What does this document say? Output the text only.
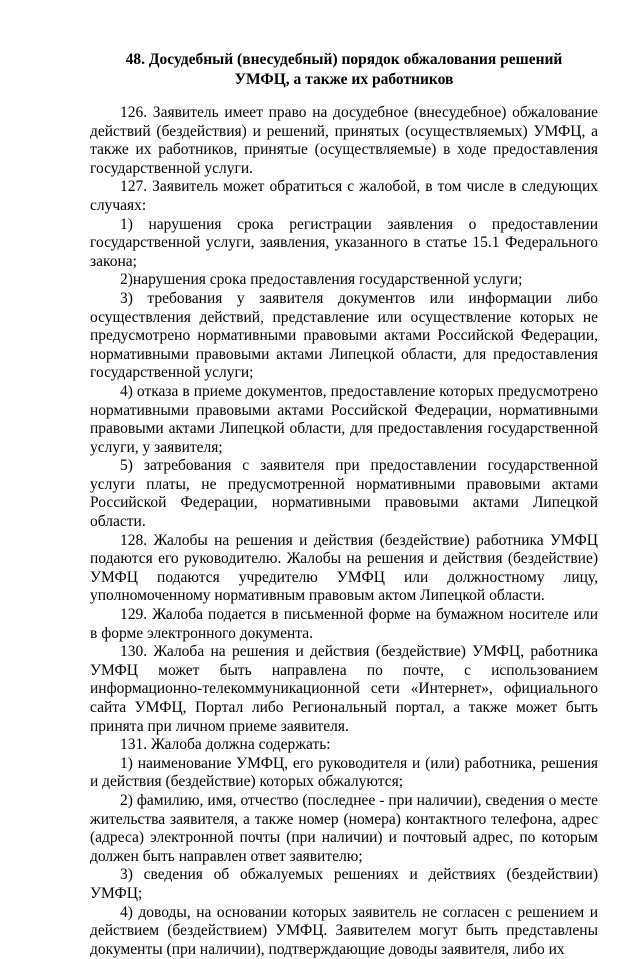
48. Досудебный (внесудебный) порядок обжалования решений
УМФЦ, а также их работников

126. Заявитель имеет право на досудебное (внесудебное) обжалование действий (бездействия) и решений, принятых (осуществляемых) УМФЦ, а также их работников, принятые (осуществляемые) в ходе предоставления государственной услуги.

127. Заявитель может обратиться с жалобой, в том числе в следующих случаях:

1) нарушения срока регистрации заявления о предоставлении государственной услуги, заявления, указанного в статье 15.1 Федерального закона;

2)нарушения срока предоставления государственной услуги;

3) требования у заявителя документов или информации либо осуществления действий, представление или осуществление которых не предусмотрено нормативными правовыми актами Российской Федерации, нормативными правовыми актами Липецкой области, для предоставления государственной услуги;

4) отказа в приеме документов, предоставление которых предусмотрено нормативными правовыми актами Российской Федерации, нормативными правовыми актами Липецкой области, для предоставления государственной услуги, у заявителя;

5) затребования с заявителя при предоставлении государственной услуги платы, не предусмотренной нормативными правовыми актами Российской Федерации, нормативными правовыми актами Липецкой области.

128. Жалобы на решения и действия (бездействие) работника УМФЦ подаются его руководителю. Жалобы на решения и действия (бездействие) УМФЦ подаются учредителю УМФЦ или должностному лицу, уполномоченному нормативным правовым актом Липецкой области.

129. Жалоба подается в письменной форме на бумажном носителе или в форме электронного документа.

130. Жалоба на решения и действия (бездействие) УМФЦ, работника УМФЦ может быть направлена по почте, с использованием информационно-телекоммуникационной сети «Интернет», официального сайта УМФЦ, Портал либо Региональный портал, а также может быть принята при личном приеме заявителя.

131. Жалоба должна содержать:

1) наименование УМФЦ, его руководителя и (или) работника, решения и действия (бездействие) которых обжалуются;

2) фамилию, имя, отчество (последнее - при наличии), сведения о месте жительства заявителя, а также номер (номера) контактного телефона, адрес (адреса) электронной почты (при наличии) и почтовый адрес, по которым должен быть направлен ответ заявителю;

3) сведения об обжалуемых решениях и действиях (бездействии) УМФЦ;

4) доводы, на основании которых заявитель не согласен с решением и действием (бездействием) УМФЦ. Заявителем могут быть представлены документы (при наличии), подтверждающие доводы заявителя, либо их
